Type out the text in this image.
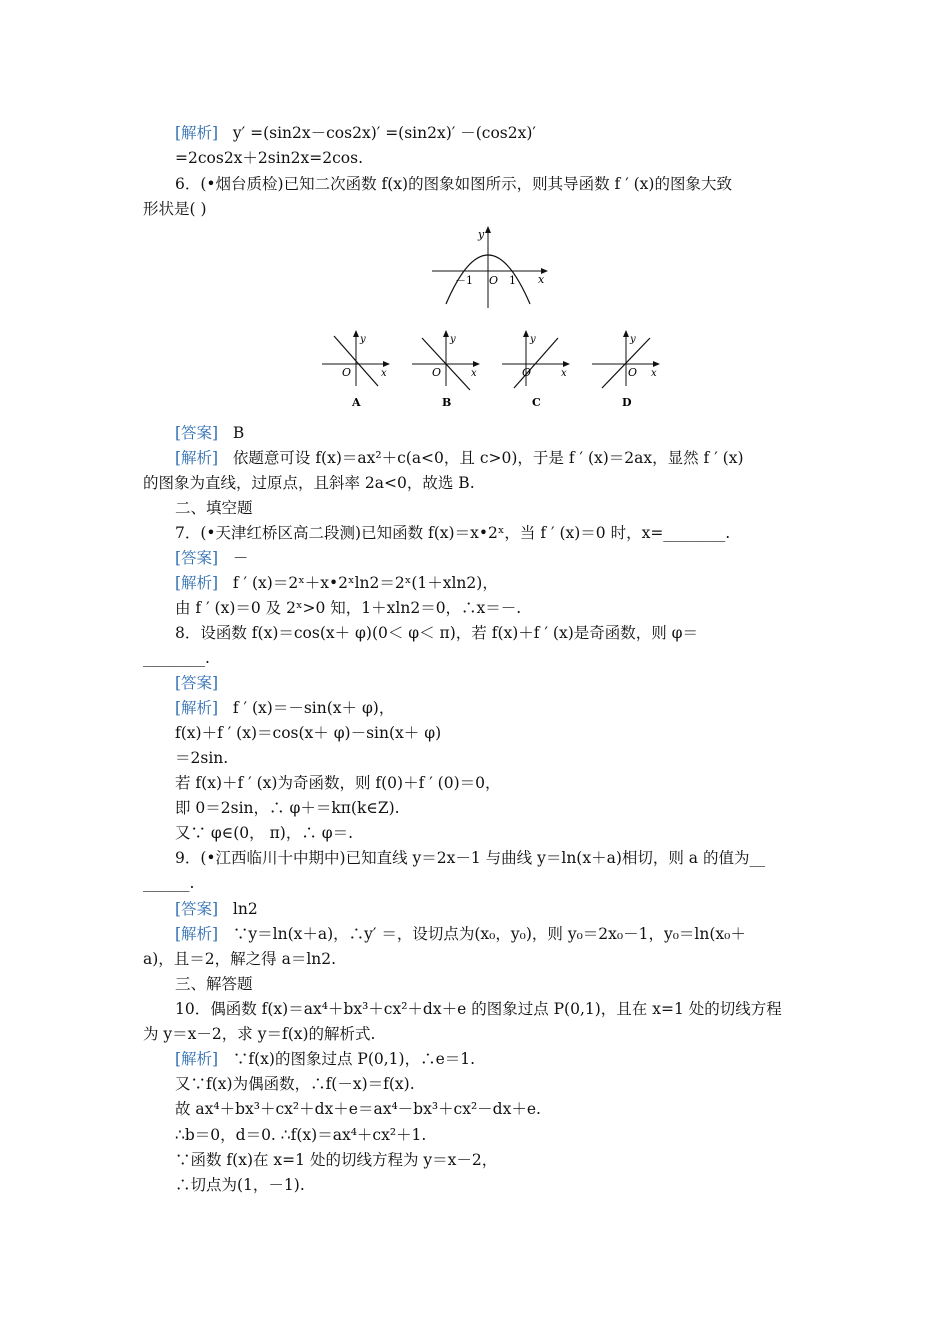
[解析] y′ =(sin2x－cos2x)′ =(sin2x)′ －(cos2x)′
=2cos2x＋2sin2x=2cos.
6．(•烟台质检)已知二次函数 f(x)的图象如图所示，则其导函数 f ′ (x)的图象大致
形状是( )
y
x
－1 O 1
y
x
O
A
y
x
O
B
y
x
O
C
y
x
O
D
[答案] B
[解析] 依题意可设 f(x)＝ax²＋c(a<0，且 c>0)，于是 f ′ (x)＝2ax，显然 f ′ (x)
的图象为直线，过原点，且斜率 2a<0，故选 B.
二、填空题
7．(•天津红桥区高二段测)已知函数 f(x)＝x•2ˣ，当 f ′ (x)＝0 时，x=________.
[答案] －
[解析] f ′ (x)＝2ˣ＋x•2ˣln2＝2ˣ(1＋xln2)，
由 f ′ (x)＝0 及 2ˣ>0 知，1＋xln2＝0，∴x＝－.
8．设函数 f(x)＝cos(x＋ φ)(0＜ φ＜ π)，若 f(x)＋f ′ (x)是奇函数，则 φ＝
________.
[答案]
[解析] f ′ (x)＝－sin(x＋ φ)，
f(x)＋f ′ (x)＝cos(x＋ φ)－sin(x＋ φ)
＝2sin.
若 f(x)＋f ′ (x)为奇函数，则 f(0)＋f ′ (0)＝0，
即 0＝2sin，∴ φ＋＝kπ(k∈Z).
又∵ φ∈(0， π)，∴ φ＝.
9．(•江西临川十中期中)已知直线 y＝2x－1 与曲线 y＝ln(x＋a)相切，则 a 的值为__
______.
[答案] ln2
[解析] ∵y＝ln(x＋a)，∴y′ ＝，设切点为(x₀，y₀)，则 y₀＝2x₀－1，y₀＝ln(x₀＋
a)，且＝2，解之得 a＝ln2.
三、解答题
10．偶函数 f(x)＝ax⁴＋bx³＋cx²＋dx＋e 的图象过点 P(0,1)，且在 x=1 处的切线方程
为 y＝x－2，求 y＝f(x)的解析式.
[解析] ∵f(x)的图象过点 P(0,1)，∴e＝1.
又∵f(x)为偶函数，∴f(－x)＝f(x).
故 ax⁴＋bx³＋cx²＋dx＋e＝ax⁴－bx³＋cx²－dx＋e.
∴b＝0，d＝0. ∴f(x)＝ax⁴＋cx²＋1.
∵函数 f(x)在 x=1 处的切线方程为 y＝x－2，
∴切点为(1，－1).
